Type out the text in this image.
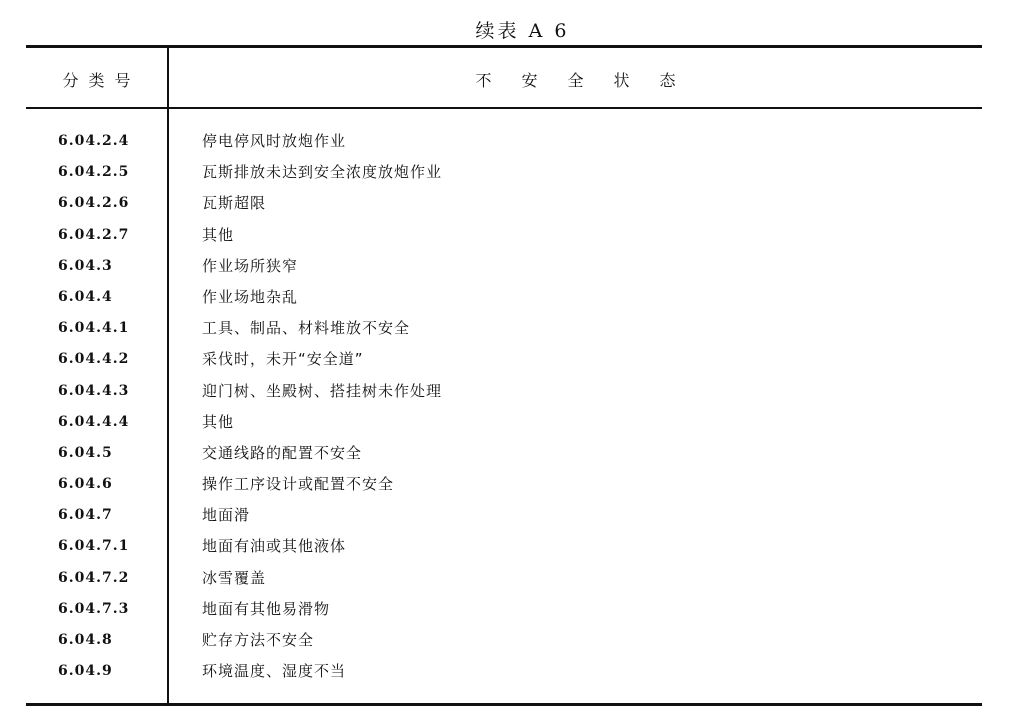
续表 A 6
分类号	不安全状态
6.04.2.4	停电停风时放炮作业
6.04.2.5	瓦斯排放未达到安全浓度放炮作业
6.04.2.6	瓦斯超限
6.04.2.7	其他
6.04.3	作业场所狭窄
6.04.4	作业场地杂乱
6.04.4.1	工具、制品、材料堆放不安全
6.04.4.2	采伐时，未开“安全道”
6.04.4.3	迎门树、坐殿树、搭挂树未作处理
6.04.4.4	其他
6.04.5	交通线路的配置不安全
6.04.6	操作工序设计或配置不安全
6.04.7	地面滑
6.04.7.1	地面有油或其他液体
6.04.7.2	冰雪覆盖
6.04.7.3	地面有其他易滑物
6.04.8	贮存方法不安全
6.04.9	环境温度、湿度不当
